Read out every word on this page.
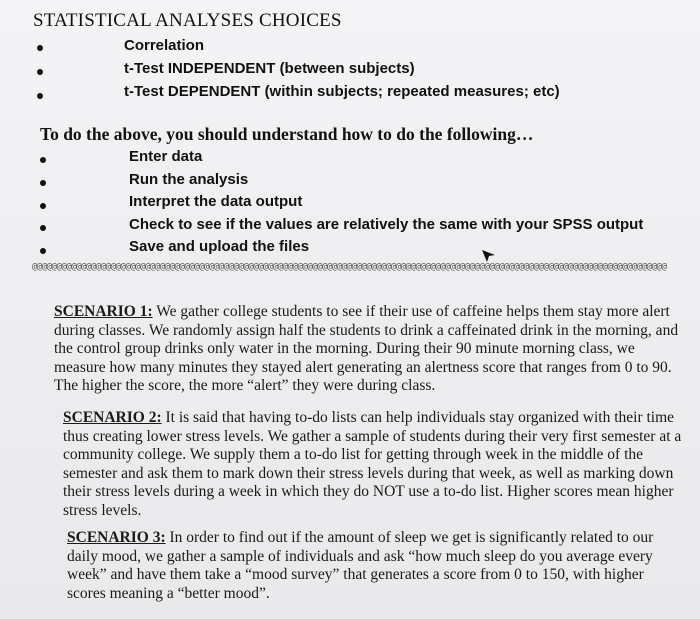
STATISTICAL ANALYSES CHOICES
Correlation
t-Test INDEPENDENT (between subjects)
t-Test DEPENDENT (within subjects; repeated measures; etc)
To do the above, you should understand how to do the following…
Enter data
Run the analysis
Interpret the data output
Check to see if the values are relatively the same with your SPSS output
Save and upload the files
@@@@@@@@@@@@@@@@@@@@@@@@@@@@@@@@@@@@@@@@@@@@@@@@@@@@@@@@@@@@@@@@@@@@@@@@@@@@@@@@@@@@@@@@@@@@@@@@@@@@@@@@@@@@@@@@@@@@@@@@@@@@@@@@@

SCENARIO 1: We gather college students to see if their use of caffeine helps them stay more alert during classes. We randomly assign half the students to drink a caffeinated drink in the morning, and the control group drinks only water in the morning. During their 90 minute morning class, we measure how many minutes they stayed alert generating an alertness score that ranges from 0 to 90. The higher the score, the more “alert” they were during class.

SCENARIO 2: It is said that having to-do lists can help individuals stay organized with their time thus creating lower stress levels. We gather a sample of students during their very first semester at a community college. We supply them a to-do list for getting through week in the middle of the semester and ask them to mark down their stress levels during that week, as well as marking down their stress levels during a week in which they do NOT use a to-do list. Higher scores mean higher stress levels.

SCENARIO 3: In order to find out if the amount of sleep we get is significantly related to our daily mood, we gather a sample of individuals and ask “how much sleep do you average every week” and have them take a “mood survey” that generates a score from 0 to 150, with higher scores meaning a “better mood”.
